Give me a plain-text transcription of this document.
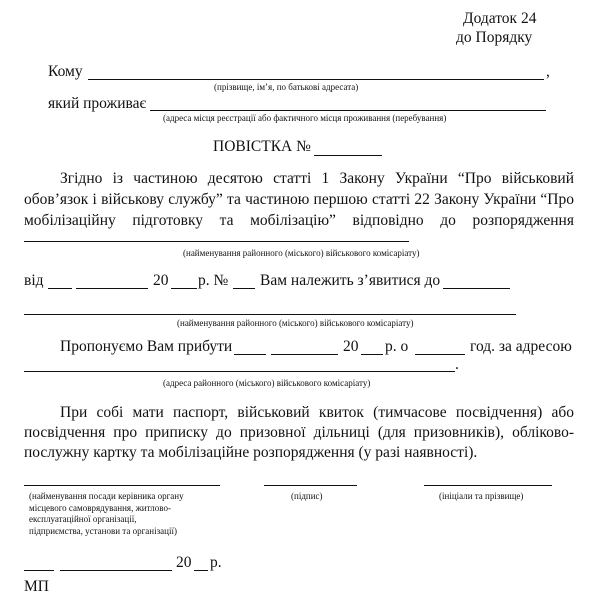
Додаток 24
до Порядку
Кому	,
(прізвище, ім’я, по батькові адресата)
який проживає
(адреса місця реєстрації або фактичного місця проживання (перебування)
ПОВІСТКА №
Згідно із частиною десятою статті 1 Закону України “Про військовий
обов’язок і військову службу” та частиною першою статті 22 Закону України “Про
мобілізаційну підготовку та мобілізацію” відповідно до розпорядження
(найменування районного (міського) військового комісаріату)
від	20 р. № Вам належить з’явитися до
(найменування районного (міського) військового комісаріату)
Пропонуємо Вам прибути	20 р. о	год. за адресою
.
(адреса районного (міського) військового комісаріату)
При собі мати паспорт, військовий квиток (тимчасове посвідчення) або
посвідчення про приписку до призовної дільниці (для призовників), обліково-
послужну картку та мобілізаційне розпорядження (у разі наявності).
(найменування посади керівника органу місцевого самоврядування, житлово-експлуатаційної організації, підприємства, установи та організації)
(підпис)	(ініціали та прізвище)
20 р.
МП
